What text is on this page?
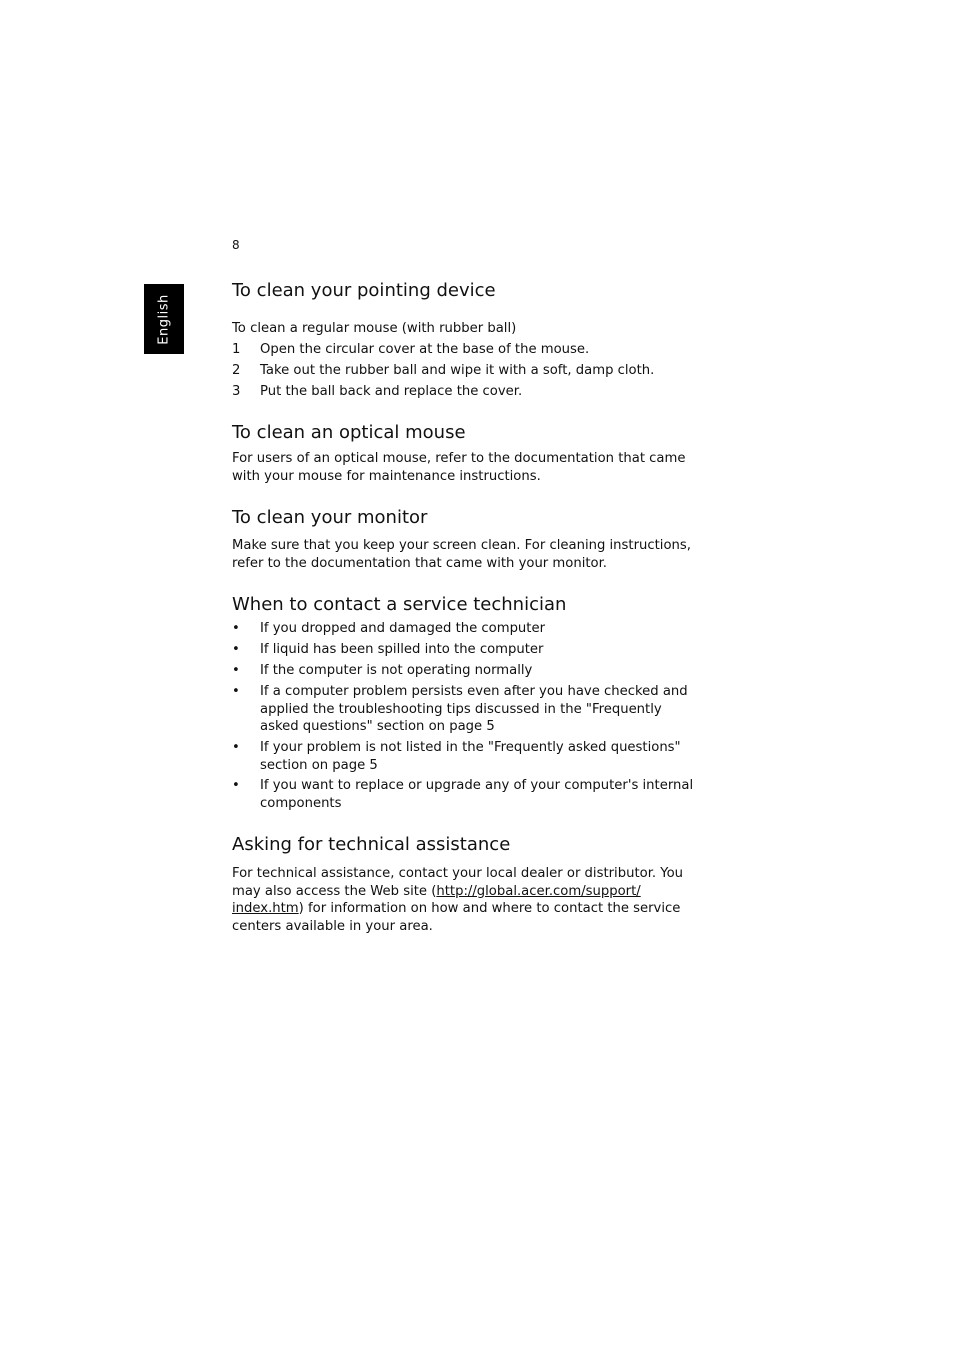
8
English
To clean your pointing device
To clean a regular mouse (with rubber ball)
1 Open the circular cover at the base of the mouse.
2 Take out the rubber ball and wipe it with a soft, damp cloth.
3 Put the ball back and replace the cover.
To clean an optical mouse
For users of an optical mouse, refer to the documentation that came
with your mouse for maintenance instructions.
To clean your monitor
Make sure that you keep your screen clean. For cleaning instructions,
refer to the documentation that came with your monitor.
When to contact a service technician
• If you dropped and damaged the computer
• If liquid has been spilled into the computer
• If the computer is not operating normally
• If a computer problem persists even after you have checked and
applied the troubleshooting tips discussed in the "Frequently
asked questions" section on page 5
• If your problem is not listed in the "Frequently asked questions"
section on page 5
• If you want to replace or upgrade any of your computer's internal
components
Asking for technical assistance
For technical assistance, contact your local dealer or distributor. You
may also access the Web site (http://global.acer.com/support/
index.htm) for information on how and where to contact the service
centers available in your area.
